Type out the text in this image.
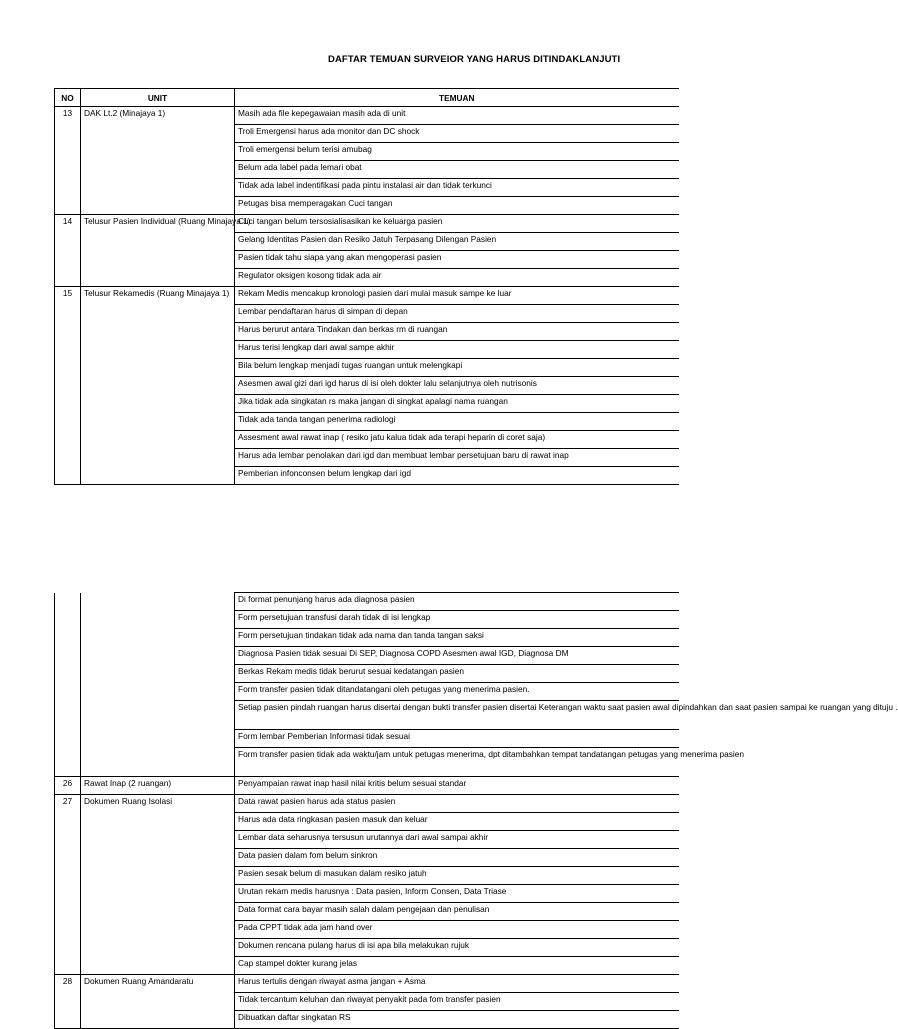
DAFTAR TEMUAN SURVEIOR YANG HARUS DITINDAKLANJUTI
NO	UNIT	TEMUAN
13	DAK Lt.2 (Minajaya 1)	Masih ada file kepegawaian masih ada di unit
		Troli Emergensi harus ada monitor dan DC shock
		Troli emergensi belum terisi amubag
		Belum ada label pada lemari obat
		Tidak ada label indentifikasi pada pintu instalasi air dan tidak terkunci
		Petugas bisa memperagakan Cuci tangan
14	Telusur Pasien Individual (Ruang Minajaya 1)	Cuci tangan belum tersosialisasikan ke keluarga pasien
		Gelang Identitas Pasien dan Resiko Jatuh Terpasang Dilengan Pasien
		Pasien tidak tahu siapa yang akan mengoperasi pasien
		Regulator oksigen kosong tidak ada air
15	Telusur Rekamedis (Ruang Minajaya 1)	Rekam Medis mencakup kronologi pasien dari mulai masuk sampe ke luar
		Lembar pendaftaran harus di simpan di depan
		Harus berurut antara Tindakan dan berkas rm di ruangan
		Harus terisi lengkap dari awal sampe akhir
		Bila belum lengkap menjadi tugas ruangan untuk melengkapi
		Asesmen awal gizi dari igd harus di isi oleh dokter lalu selanjutnya oleh nutrisonis
		Jika tidak ada singkatan rs maka jangan di singkat apalagi nama ruangan
		Tidak ada tanda tangan penerima radiologi
		Assesment awal rawat inap ( resiko jatu kalua tidak ada terapi heparin di coret saja)
		Harus ada lembar penolakan dari igd dan membuat lembar persetujuan baru di rawat inap
		Pemberian infonconsen belum lengkap dari igd
		Di format penunjang harus ada diagnosa pasien
		Form persetujuan transfusi darah tidak di isi lengkap
		Form persetujuan tindakan tidak ada nama dan tanda tangan saksi
		Diagnosa Pasien tidak sesuai Di SEP, Diagnosa COPD Asesmen awal IGD, Diagnosa DM
		Berkas Rekam medis tidak berurut sesuai kedatangan pasien
		Form transfer pasien tidak ditandatangani oleh petugas yang menerima pasien.
		Setiap pasien pindah ruangan harus disertai dengan bukti transfer pasien disertai Keterangan waktu saat pasien awal dipindahkan dan saat pasien sampai ke ruangan yang dituju .
		Form lembar Pemberian Informasi tidak sesuai
		Form transfer pasien tidak ada waktu/jam untuk petugas menerima, dpt ditambahkan tempat tandatangan petugas yang menerima pasien
26	Rawat Inap (2 ruangan)	Penyampaian rawat inap hasil nilai kritis belum sesuai standar
27	Dokumen Ruang Isolasi	Data rawat pasien harus ada status pasien
		Harus ada data ringkasan pasien masuk dan keluar
		Lembar data seharusnya tersusun urutannya dari awal sampai akhir
		Data pasien dalam fom belum sinkron
		Pasien sesak belum di masukan dalam resiko jatuh
		Urutan rekam medis harusnya : Data pasien, Inform Consen, Data Triase
		Data format cara bayar masih salah dalam pengejaan dan penulisan
		Pada CPPT tidak ada jam hand over
		Dokumen rencana pulang harus di isi apa bila melakukan rujuk
		Cap stampel dokter kurang jelas
28	Dokumen Ruang Amandaratu	Harus tertulis dengan riwayat asma jangan + Asma
		Tidak tercantum keluhan dan riwayat penyakit pada fom transfer pasien
		Dibuatkan daftar singkatan RS
